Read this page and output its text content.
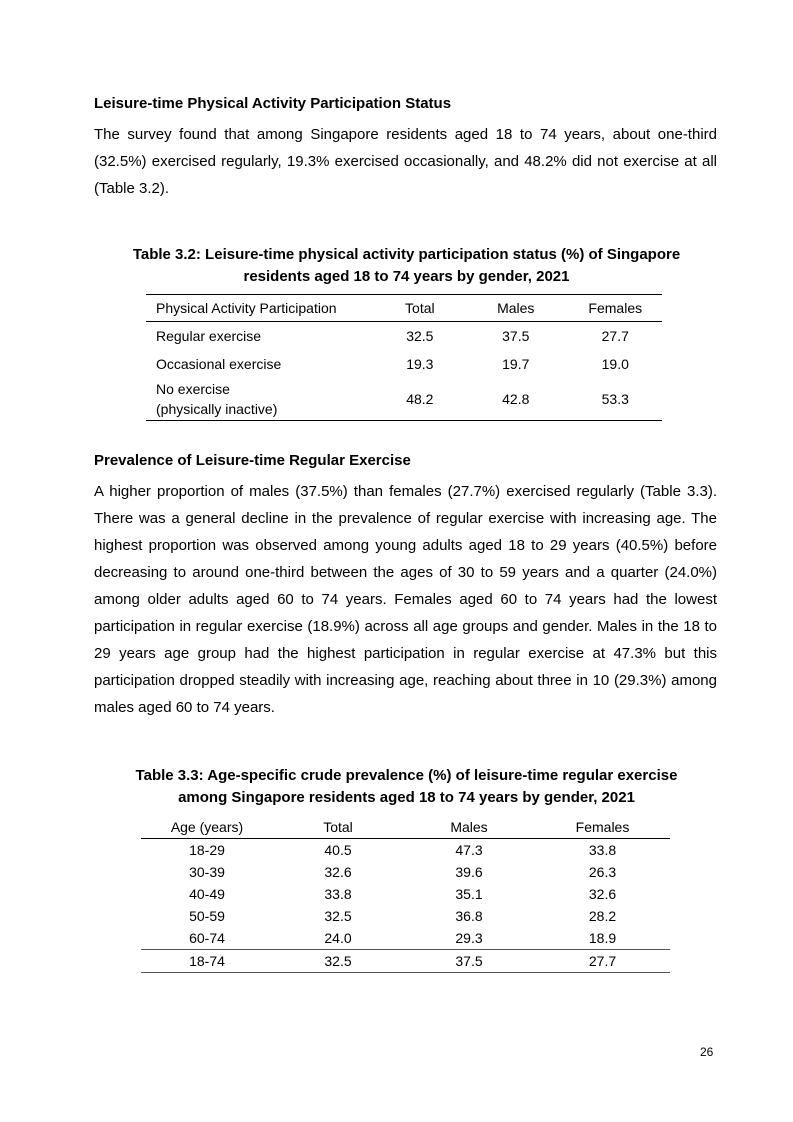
Leisure-time Physical Activity Participation Status

The survey found that among Singapore residents aged 18 to 74 years, about one-third (32.5%) exercised regularly, 19.3% exercised occasionally, and 48.2% did not exercise at all (Table 3.2).

Table 3.2: Leisure-time physical activity participation status (%) of Singapore
residents aged 18 to 74 years by gender, 2021

Physical Activity Participation	Total	Males	Females
Regular exercise	32.5	37.5	27.7
Occasional exercise	19.3	19.7	19.0
No exercise
(physically inactive)	48.2	42.8	53.3
Prevalence of Leisure-time Regular Exercise

A higher proportion of males (37.5%) than females (27.7%) exercised regularly (Table 3.3). There was a general decline in the prevalence of regular exercise with increasing age. The highest proportion was observed among young adults aged 18 to 29 years (40.5%) before decreasing to around one-third between the ages of 30 to 59 years and a quarter (24.0%) among older adults aged 60 to 74 years. Females aged 60 to 74 years had the lowest participation in regular exercise (18.9%) across all age groups and gender. Males in the 18 to 29 years age group had the highest participation in regular exercise at 47.3% but this participation dropped steadily with increasing age, reaching about three in 10 (29.3%) among males aged 60 to 74 years.

Table 3.3: Age-specific crude prevalence (%) of leisure-time regular exercise
among Singapore residents aged 18 to 74 years by gender, 2021

Age (years)	Total	Males	Females
18-29	40.5	47.3	33.8
30-39	32.6	39.6	26.3
40-49	33.8	35.1	32.6
50-59	32.5	36.8	28.2
60-74	24.0	29.3	18.9
18-74	32.5	37.5	27.7
26
